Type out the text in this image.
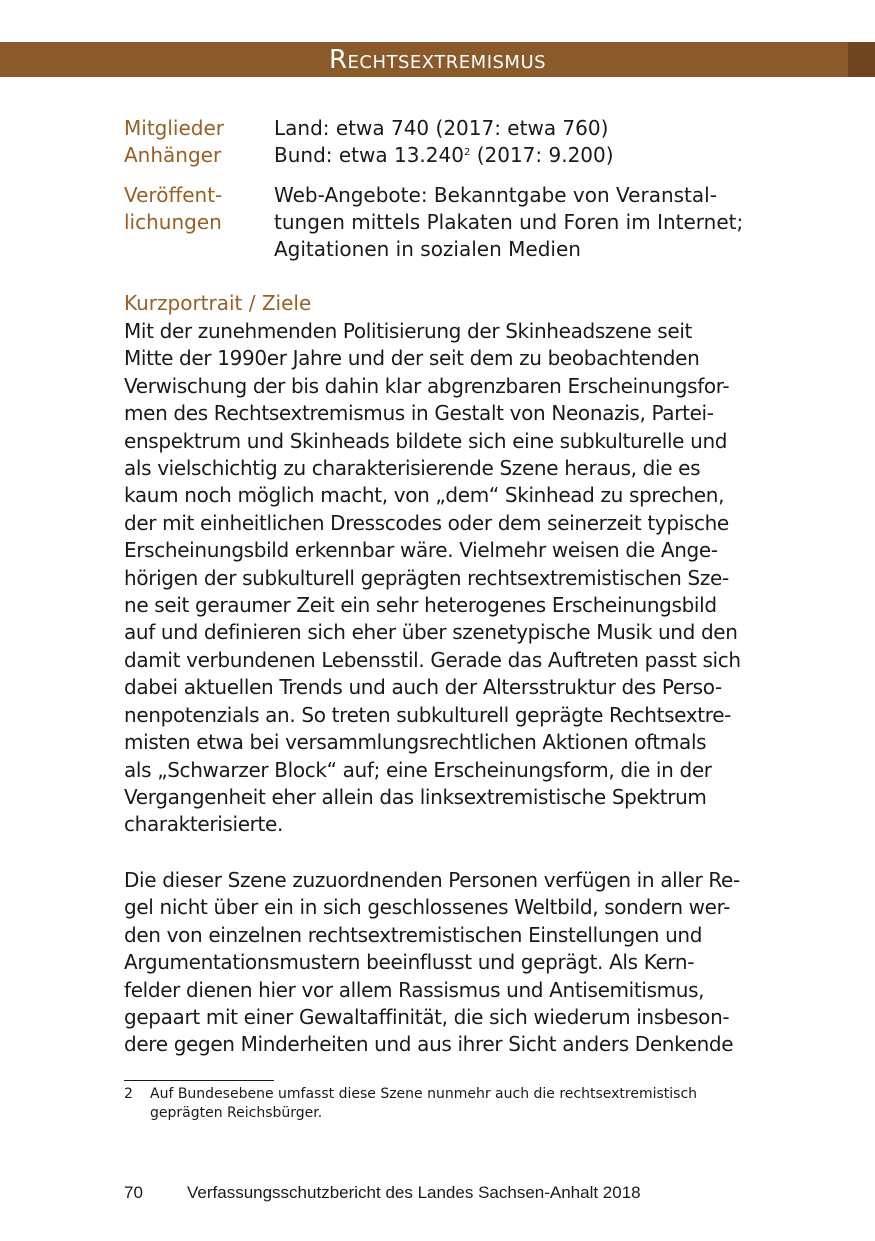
Rechtsextremismus
Mitglieder
Anhänger
Land: etwa 740 (2017: etwa 760)
Bund: etwa 13.240$^2$ (2017: 9.200)
Veröffent-
lichungen
Web-Angebote: Bekanntgabe von Veranstal-
tungen mittels Plakaten und Foren im Internet;
Agitationen in sozialen Medien
Kurzportrait / Ziele
Mit der zunehmenden Politisierung der Skinheadszene seit
Mitte der 1990er Jahre und der seit dem zu beobachtenden
Verwischung der bis dahin klar abgrenzbaren Erscheinungsfor-
men des Rechtsextremismus in Gestalt von Neonazis, Partei-
enspektrum und Skinheads bildete sich eine subkulturelle und
als vielschichtig zu charakterisierende Szene heraus, die es
kaum noch möglich macht, von „dem“ Skinhead zu sprechen,
der mit einheitlichen Dresscodes oder dem seinerzeit typische
Erscheinungsbild erkennbar wäre. Vielmehr weisen die Ange-
hörigen der subkulturell geprägten rechtsextremistischen Sze-
ne seit geraumer Zeit ein sehr heterogenes Erscheinungsbild
auf und definieren sich eher über szenetypische Musik und den
damit verbundenen Lebensstil. Gerade das Auftreten passt sich
dabei aktuellen Trends und auch der Altersstruktur des Perso-
nenpotenzials an. So treten subkulturell geprägte Rechtsextre-
misten etwa bei versammlungsrechtlichen Aktionen oftmals
als „Schwarzer Block“ auf; eine Erscheinungsform, die in der
Vergangenheit eher allein das linksextremistische Spektrum
charakterisierte.
Die dieser Szene zuzuordnenden Personen verfügen in aller Re-
gel nicht über ein in sich geschlossenes Weltbild, sondern wer-
den von einzelnen rechtsextremistischen Einstellungen und
Argumentationsmustern beeinflusst und geprägt. Als Kern-
felder dienen hier vor allem Rassismus und Antisemitismus,
gepaart mit einer Gewaltaffinität, die sich wiederum insbeson-
dere gegen Minderheiten und aus ihrer Sicht anders Denkende
2 Auf Bundesebene umfasst diese Szene nunmehr auch die rechtsextremistisch
geprägten Reichsbürger.
70	Verfassungsschutzbericht des Landes Sachsen-Anhalt 2018
